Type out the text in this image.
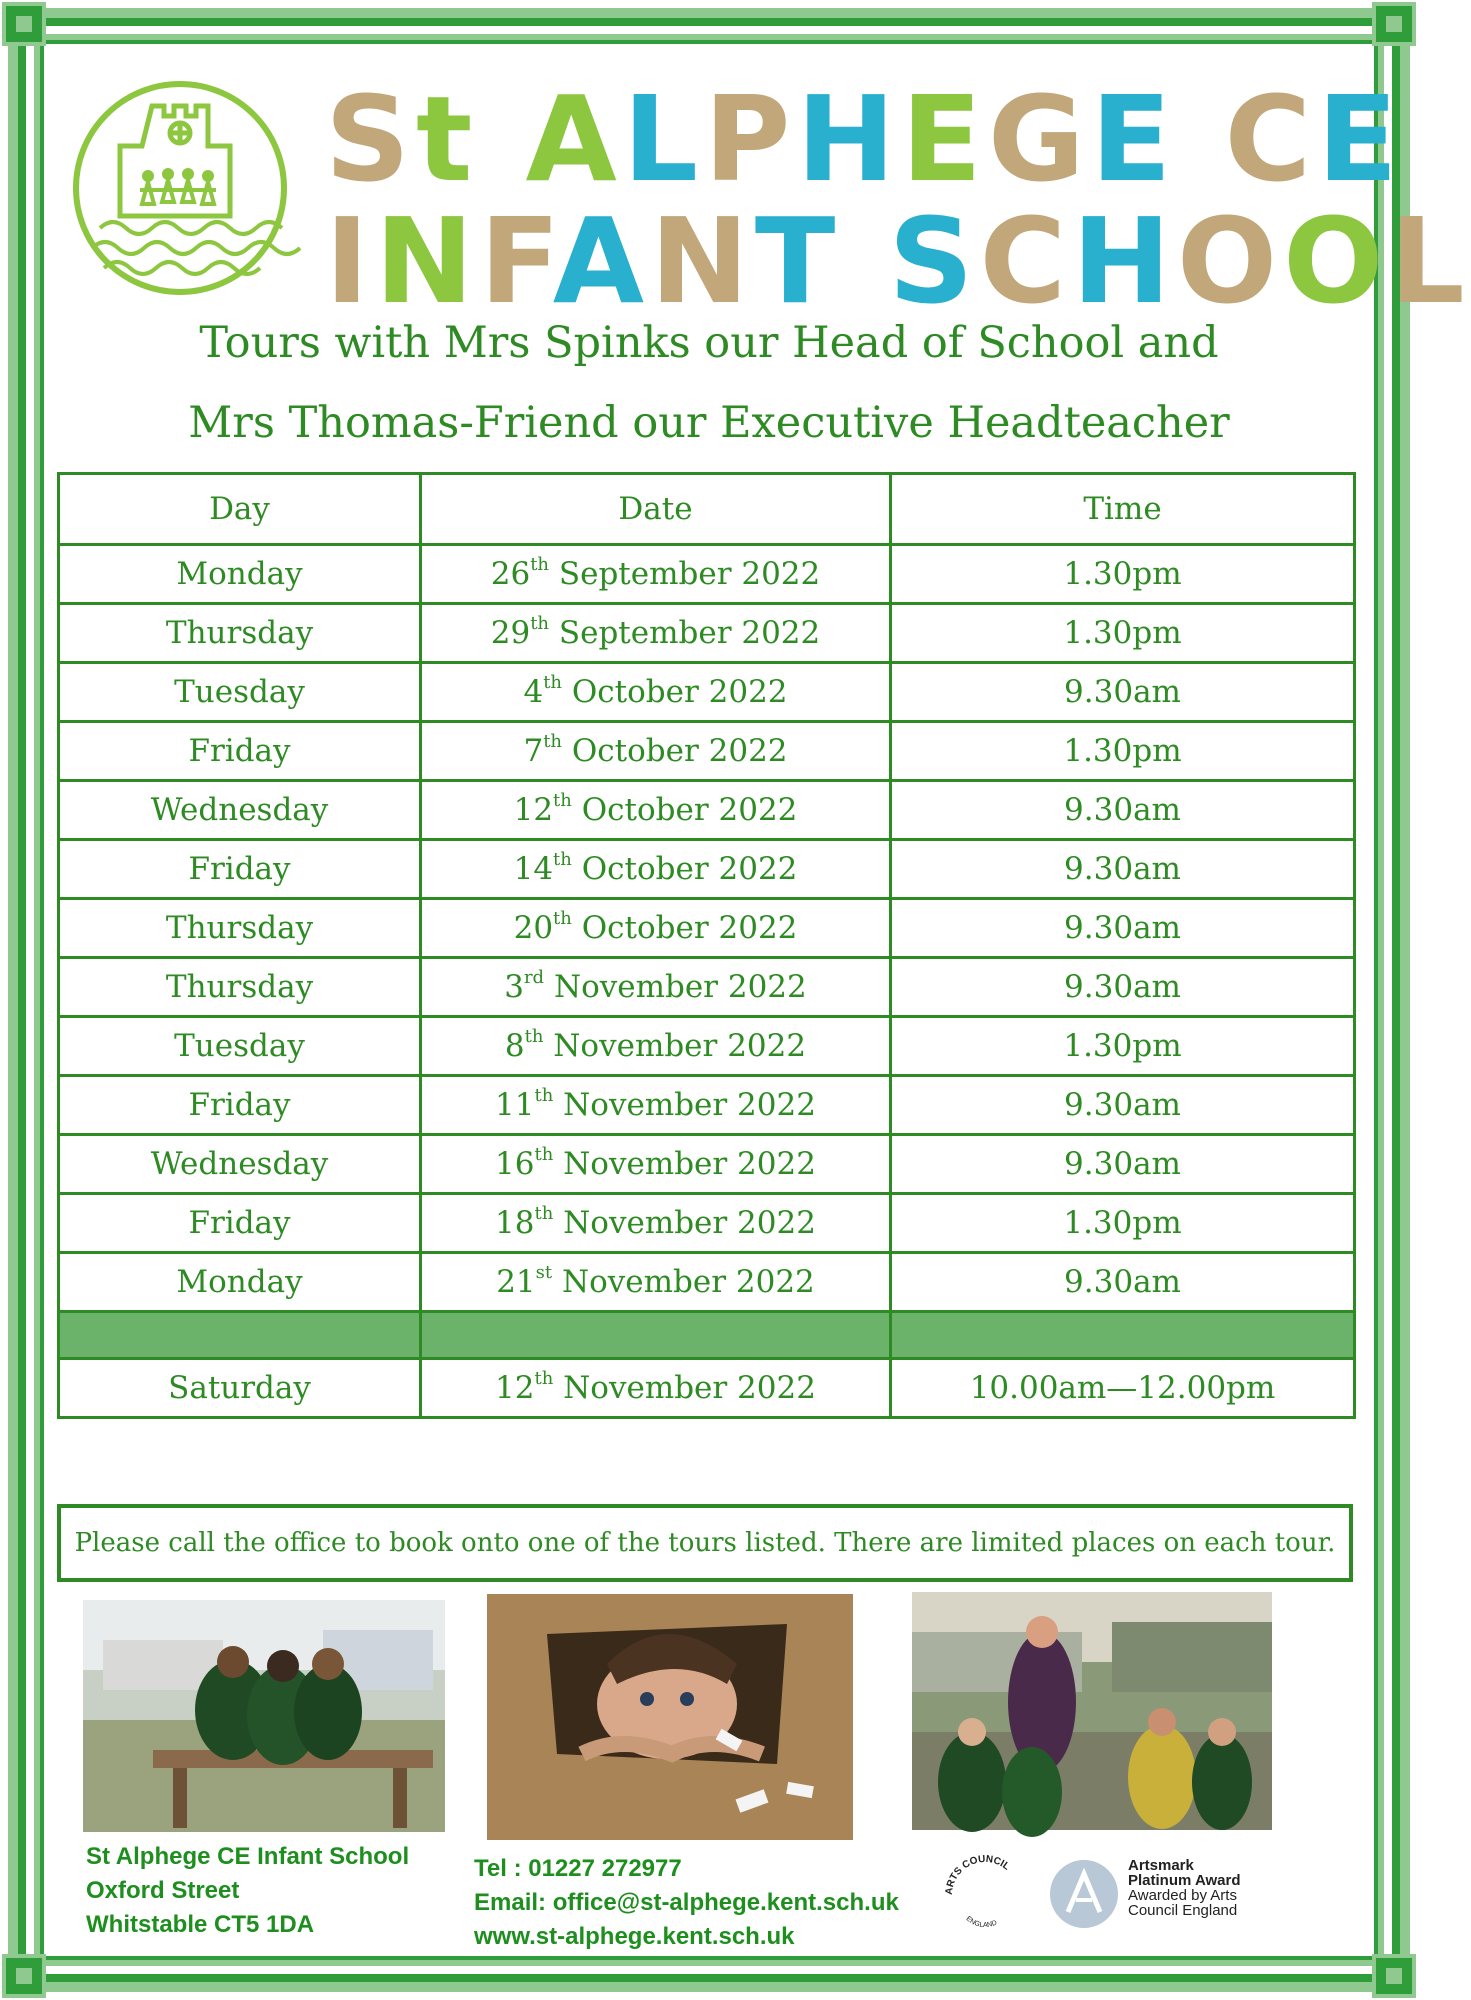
St ALPHEGE CE
INFANT SCHOOL
Tours with Mrs Spinks our Head of School and
Mrs Thomas-Friend our Executive Headteacher
Day	Date	Time
Monday	26th September 2022	1.30pm
Thursday	29th September 2022	1.30pm
Tuesday	4th October 2022	9.30am
Friday	7th October 2022	1.30pm
Wednesday	12th October 2022	9.30am
Friday	14th October 2022	9.30am
Thursday	20th October 2022	9.30am
Thursday	3rd November 2022	9.30am
Tuesday	8th November 2022	1.30pm
Friday	11th November 2022	9.30am
Wednesday	16th November 2022	9.30am
Friday	18th November 2022	1.30pm
Monday	21st November 2022	9.30am

Saturday	12th November 2022	10.00am—12.00pm
Please call the office to book onto one of the tours listed. There are limited places on each tour.
St Alphege CE Infant School
Oxford Street
Whitstable CT5 1DA
Tel : 01227 272977
Email: office@st-alphege.kent.sch.uk
www.st-alphege.kent.sch.uk
ARTS COUNCIL
ENGLAND
Artsmark
Platinum Award
Awarded by Arts
Council England
